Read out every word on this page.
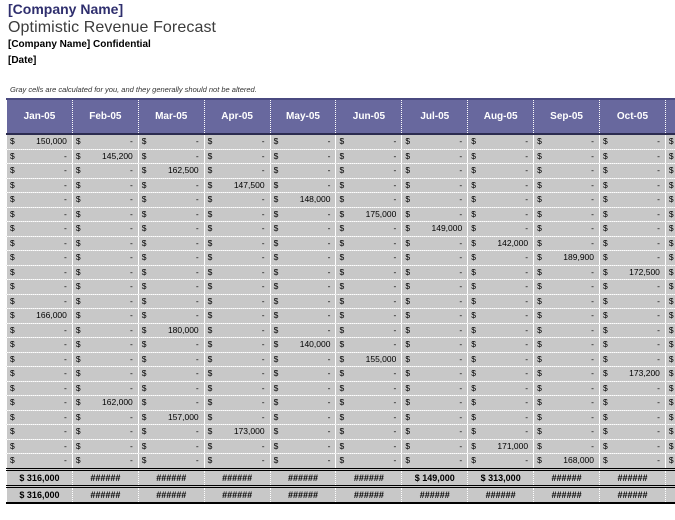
[Company Name]
Optimistic Revenue Forecast
[Company Name] Confidential
[Date]
Gray cells are calculated for you, and they generally should not be altered.
Jan-05	Feb-05	Mar-05	Apr-05	May-05	Jun-05	Jul-05	Aug-05	Sep-05	Oct-05	

$ 150,000	$ -	$ -	$ -	$ -	$ -	$ -	$ -	$ -	$ -	$

$ -	$ 145,200	$ -	$ -	$ -	$ -	$ -	$ -	$ -	$ -	$

$ -	$ -	$ 162,500	$ -	$ -	$ -	$ -	$ -	$ -	$ -	$

$ -	$ -	$ -	$ 147,500	$ -	$ -	$ -	$ -	$ -	$ -	$

$ -	$ -	$ -	$ -	$ 148,000	$ -	$ -	$ -	$ -	$ -	$

$ -	$ -	$ -	$ -	$ -	$ 175,000	$ -	$ -	$ -	$ -	$

$ -	$ -	$ -	$ -	$ -	$ -	$ 149,000	$ -	$ -	$ -	$

$ -	$ -	$ -	$ -	$ -	$ -	$ -	$ 142,000	$ -	$ -	$

$ -	$ -	$ -	$ -	$ -	$ -	$ -	$ -	$ 189,900	$ -	$

$ -	$ -	$ -	$ -	$ -	$ -	$ -	$ -	$ -	$ 172,500	$

$ -	$ -	$ -	$ -	$ -	$ -	$ -	$ -	$ -	$ -	$

$ -	$ -	$ -	$ -	$ -	$ -	$ -	$ -	$ -	$ -	$

$ 166,000	$ -	$ -	$ -	$ -	$ -	$ -	$ -	$ -	$ -	$

$ -	$ -	$ 180,000	$ -	$ -	$ -	$ -	$ -	$ -	$ -	$

$ -	$ -	$ -	$ -	$ 140,000	$ -	$ -	$ -	$ -	$ -	$

$ -	$ -	$ -	$ -	$ -	$ 155,000	$ -	$ -	$ -	$ -	$

$ -	$ -	$ -	$ -	$ -	$ -	$ -	$ -	$ -	$ 173,200	$

$ -	$ -	$ -	$ -	$ -	$ -	$ -	$ -	$ -	$ -	$

$ -	$ 162,000	$ -	$ -	$ -	$ -	$ -	$ -	$ -	$ -	$

$ -	$ -	$ 157,000	$ -	$ -	$ -	$ -	$ -	$ -	$ -	$

$ -	$ -	$ -	$ 173,000	$ -	$ -	$ -	$ -	$ -	$ -	$

$ -	$ -	$ -	$ -	$ -	$ -	$ -	$ 171,000	$ -	$ -	$

$ -	$ -	$ -	$ -	$ -	$ -	$ -	$ -	$ 168,000	$ -	$

$ 316,000	######	######	######	######	######	$ 149,000	$ 313,000	######	######	
$ 316,000	######	######	######	######	######	######	######	######	######	
